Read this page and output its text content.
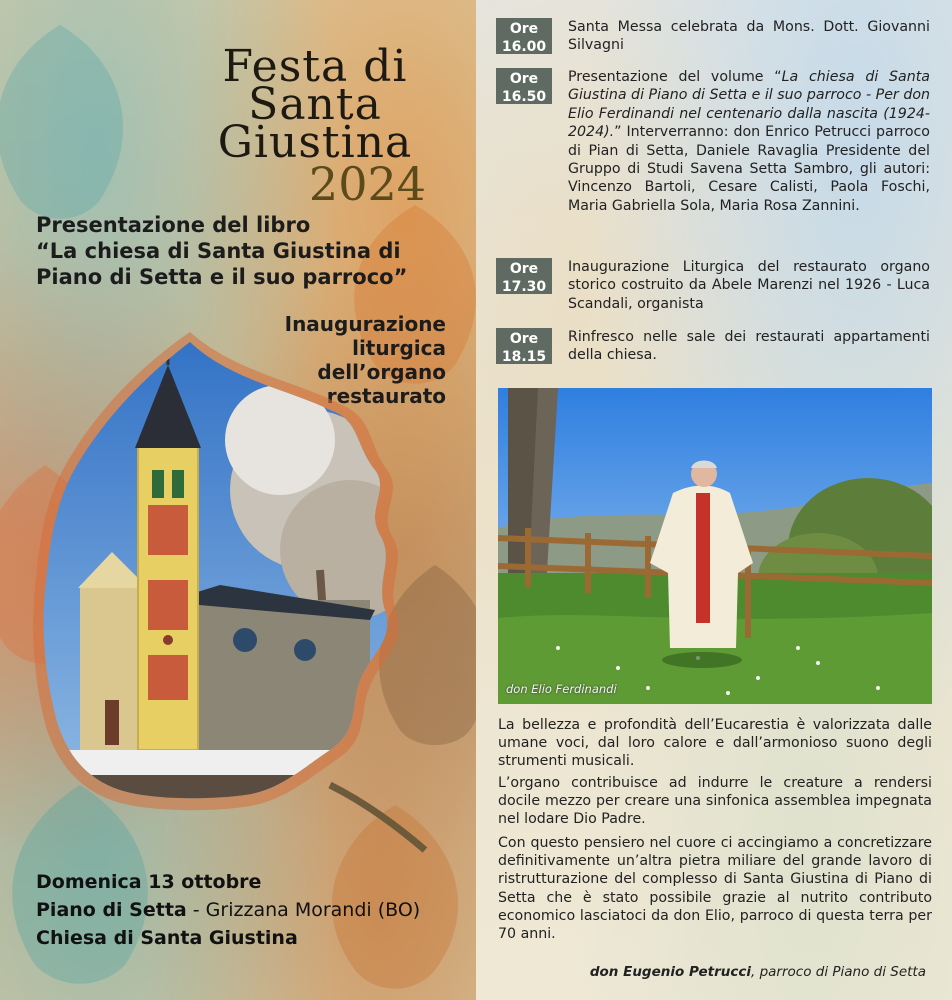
Festa di
Santa
Giustina
2024
Presentazione del libro
“La chiesa di Santa Giustina di
Piano di Setta e il suo parroco”
Inaugurazione
liturgica
dell’organo
restaurato
Domenica 13 ottobre
Piano di Setta - Grizzana Morandi (BO)
Chiesa di Santa Giustina
Ore
16.00
Santa Messa celebrata da Mons. Dott. Giovanni Silvagni
Ore
16.50
Presentazione del volume “La chiesa di Santa Giustina di Piano di Setta e il suo parroco - Per don Elio Ferdinandi nel centenario dalla nascita (1924-2024).” Interverranno: don Enrico Petrucci parroco di Pian di Setta, Daniele Ravaglia Presidente del Gruppo di Studi Savena Setta Sambro, gli autori: Vincenzo Bartoli, Cesare Calisti, Paola Foschi, Maria Gabriella Sola, Maria Rosa Zannini.
Ore
17.30
Inaugurazione Liturgica del restaurato organo storico costruito da Abele Marenzi nel 1926 - Luca Scandali, organista
Ore
18.15
Rinfresco nelle sale dei restaurati appartamenti della chiesa.
don Elio Ferdinandi
La bellezza e profondità dell’Eucarestia è valorizzata dalle umane voci, dal loro calore e dall’armonioso suono degli strumenti musicali.
L’organo contribuisce ad indurre le creature a rendersi docile mezzo per creare una sinfonica assemblea impegnata nel lodare Dio Padre.
Con questo pensiero nel cuore ci accingiamo a concretizzare definitivamente un’altra pietra miliare del grande lavoro di ristrutturazione del complesso di Santa Giustina di Piano di Setta che è stato possibile grazie al nutrito contributo economico lasciatoci da don Elio, parroco di questa terra per 70 anni.
don Eugenio Petrucci, parroco di Piano di Setta
